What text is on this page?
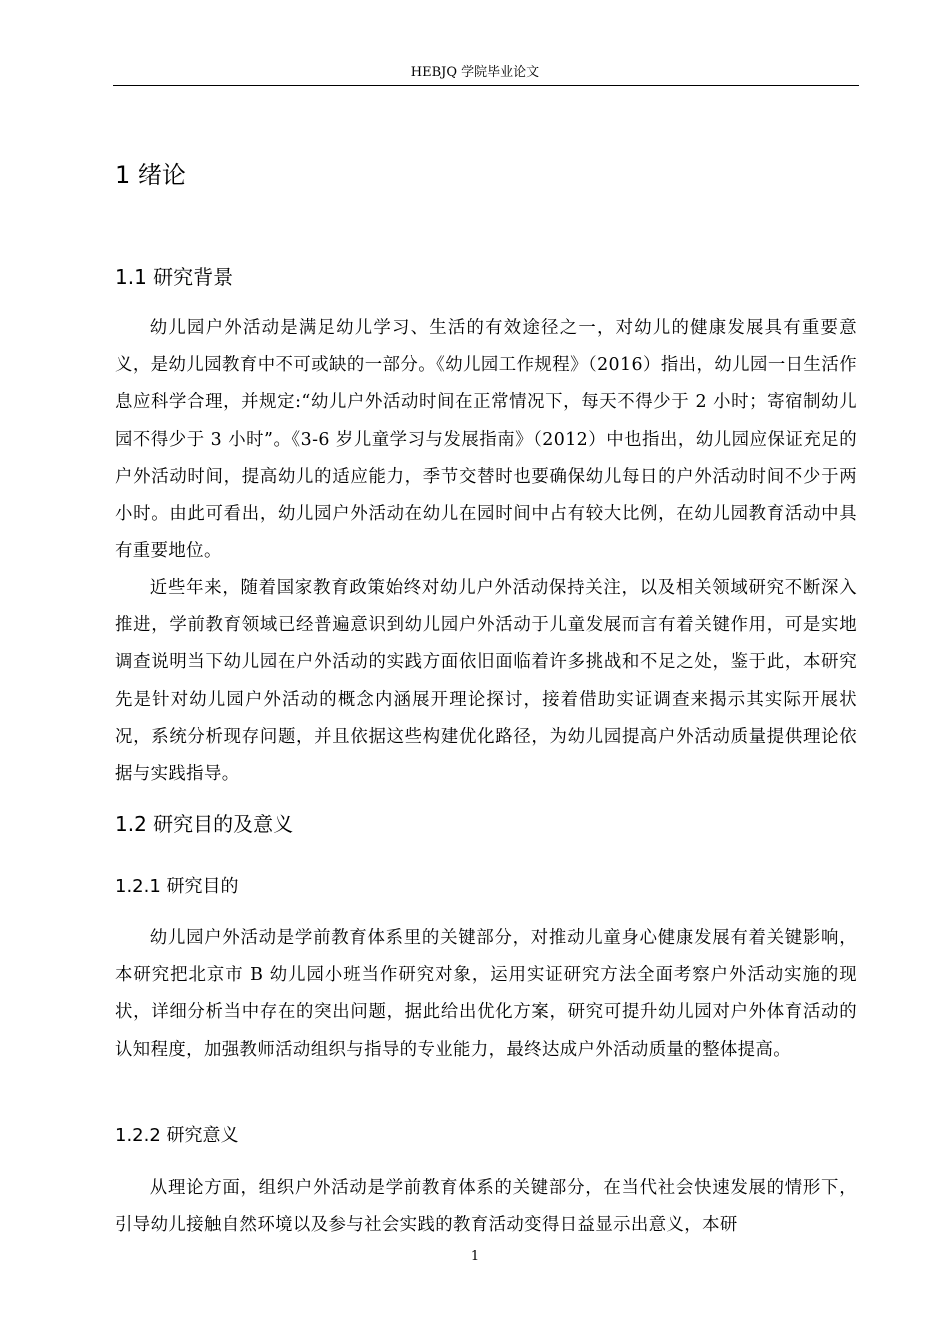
HEBJQ 学院毕业论文
1 绪论
1.1 研究背景

幼儿园户外活动是满足幼儿学习、生活的有效途径之一，对幼儿的健康发展具有重要意义，是幼儿园教育中不可或缺的一部分。《幼儿园工作规程》（2016）指出，幼儿园一日生活作息应科学合理，并规定:“幼儿户外活动时间在正常情况下，每天不得少于 2 小时；寄宿制幼儿园不得少于 3 小时”。《3-6 岁儿童学习与发展指南》（2012）中也指出，幼儿园应保证充足的户外活动时间，提高幼儿的适应能力，季节交替时也要确保幼儿每日的户外活动时间不少于两小时。由此可看出，幼儿园户外活动在幼儿在园时间中占有较大比例，在幼儿园教育活动中具有重要地位。

近些年来，随着国家教育政策始终对幼儿户外活动保持关注，以及相关领域研究不断深入推进，学前教育领域已经普遍意识到幼儿园户外活动于儿童发展而言有着关键作用，可是实地调查说明当下幼儿园在户外活动的实践方面依旧面临着许多挑战和不足之处，鉴于此，本研究先是针对幼儿园户外活动的概念内涵展开理论探讨，接着借助实证调查来揭示其实际开展状况，系统分析现存问题，并且依据这些构建优化路径，为幼儿园提高户外活动质量提供理论依据与实践指导。

1.2 研究目的及意义
1.2.1 研究目的

幼儿园户外活动是学前教育体系里的关键部分，对推动儿童身心健康发展有着关键影响，本研究把北京市 B 幼儿园小班当作研究对象，运用实证研究方法全面考察户外活动实施的现状，详细分析当中存在的突出问题，据此给出优化方案，研究可提升幼儿园对户外体育活动的认知程度，加强教师活动组织与指导的专业能力，最终达成户外活动质量的整体提高。

1.2.2 研究意义

从理论方面，组织户外活动是学前教育体系的关键部分，在当代社会快速发展的情形下，引导幼儿接触自然环境以及参与社会实践的教育活动变得日益显示出意义，本研

1
